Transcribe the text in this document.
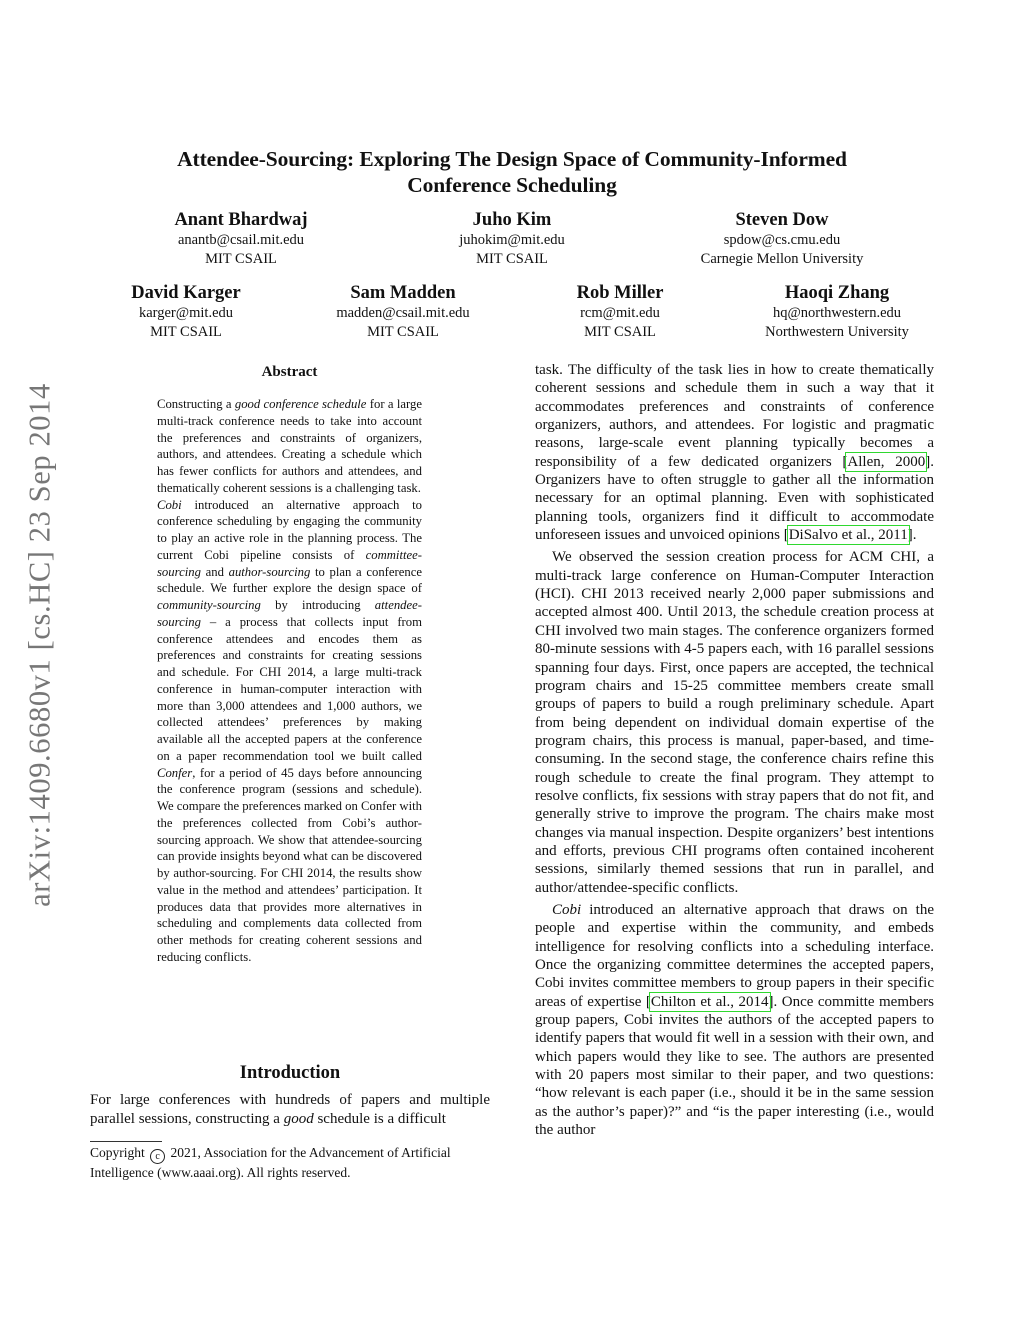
arXiv:1409.6680v1 [cs.HC] 23 Sep 2014
Attendee-Sourcing: Exploring The Design Space of Community-Informed
Conference Scheduling
Anant Bhardwaj
anantb@csail.mit.edu
MIT CSAIL
Juho Kim
juhokim@mit.edu
MIT CSAIL
Steven Dow
spdow@cs.cmu.edu
Carnegie Mellon University
David Karger
karger@mit.edu
MIT CSAIL
Sam Madden
madden@csail.mit.edu
MIT CSAIL
Rob Miller
rcm@mit.edu
MIT CSAIL
Haoqi Zhang
hq@northwestern.edu
Northwestern University
Abstract

Constructing a good conference schedule for a large multi-track conference needs to take into account the preferences and constraints of organizers, authors, and attendees. Creating a schedule which has fewer conflicts for authors and attendees, and thematically coherent sessions is a challenging task.

Cobi introduced an alternative approach to conference scheduling by engaging the community to play an active role in the planning process. The current Cobi pipeline consists of committee-sourcing and author-sourcing to plan a conference schedule. We further explore the design space of community-sourcing by introducing attendee-sourcing – a process that collects input from conference attendees and encodes them as preferences and constraints for creating sessions and schedule. For CHI 2014, a large multi-track conference in human-computer interaction with more than 3,000 attendees and 1,000 authors, we collected attendees’ preferences by making available all the accepted papers at the conference on a paper recommendation tool we built called Confer, for a period of 45 days before announcing the conference program (sessions and schedule). We compare the preferences marked on Confer with the preferences collected from Cobi’s author-sourcing approach. We show that attendee-sourcing can provide insights beyond what can be discovered by author-sourcing. For CHI 2014, the results show value in the method and attendees’ participation. It produces data that provides more alternatives in scheduling and complements data collected from other methods for creating coherent sessions and reducing conflicts.

Introduction

For large conferences with hundreds of papers and multiple parallel sessions, constructing a good schedule is a difficult

Copyright c 2021, Association for the Advancement of Artificial Intelligence (www.aaai.org). All rights reserved.

task. The difficulty of the task lies in how to create thematically coherent sessions and schedule them in such a way that it accommodates preferences and constraints of conference organizers, authors, and attendees. For logistic and pragmatic reasons, large-scale event planning typically becomes a responsibility of a few dedicated organizers [Allen, 2000]. Organizers have to often struggle to gather all the information necessary for an optimal planning. Even with sophisticated planning tools, organizers find it difficult to accommodate unforeseen issues and unvoiced opinions [DiSalvo et al., 2011].

We observed the session creation process for ACM CHI, a multi-track large conference on Human-Computer Interaction (HCI). CHI 2013 received nearly 2,000 paper submissions and accepted almost 400. Until 2013, the schedule creation process at CHI involved two main stages. The conference organizers formed 80-minute sessions with 4-5 papers each, with 16 parallel sessions spanning four days. First, once papers are accepted, the technical program chairs and 15-25 committee members create small groups of papers to build a rough preliminary schedule. Apart from being dependent on individual domain expertise of the program chairs, this process is manual, paper-based, and time-consuming. In the second stage, the conference chairs refine this rough schedule to create the final program. They attempt to resolve conflicts, fix sessions with stray papers that do not fit, and generally strive to improve the program. The chairs make most changes via manual inspection. Despite organizers’ best intentions and efforts, previous CHI programs often contained incoherent sessions, similarly themed sessions that run in parallel, and author/attendee-specific conflicts.

Cobi introduced an alternative approach that draws on the people and expertise within the community, and embeds intelligence for resolving conflicts into a scheduling interface. Once the organizing committee determines the accepted papers, Cobi invites committee members to group papers in their specific areas of expertise [Chilton et al., 2014]. Once committe members group papers, Cobi invites the authors of the accepted papers to identify papers that would fit well in a session with their own, and which papers would they like to see. The authors are presented with 20 papers most similar to their paper, and two questions: “how relevant is each paper (i.e., should it be in the same session as the author’s paper)?” and “is the paper interesting (i.e., would the author
